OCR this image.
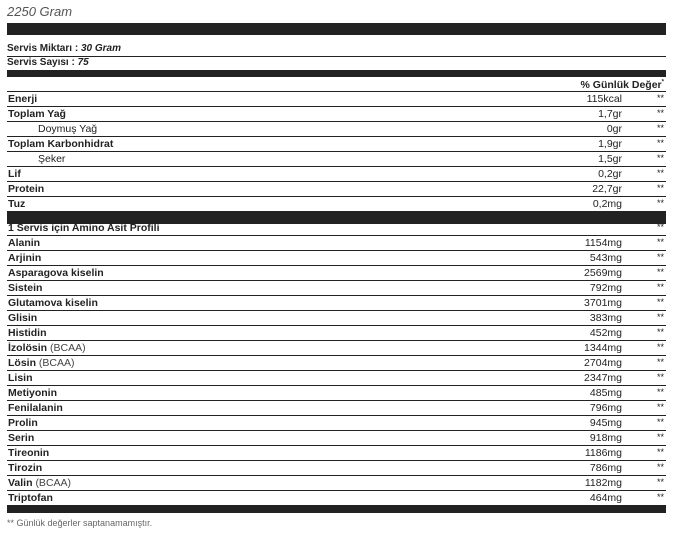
2250 Gram
Servis Miktarı : 30 Gram
Servis Sayısı : 75
% Günlük Değer*
Enerji	115kcal	**
Toplam Yağ	1,7gr	**
Doymuş Yağ	0gr	**
Toplam Karbonhidrat	1,9gr	**
Şeker	1,5gr	**
Lif	0,2gr	**
Protein	22,7gr	**
Tuz	0,2mg	**
1 Servis için Amino Asit Profili	**
Alanin	1154mg	**
Arjinin	543mg	**
Asparagova kiselin	2569mg	**
Sistein	792mg	**
Glutamova kiselin	3701mg	**
Glisin	383mg	**
Histidin	452mg	**
İzolösin (BCAA)	1344mg	**
Lösin (BCAA)	2704mg	**
Lisin	2347mg	**
Metiyonin	485mg	**
Fenilalanin	796mg	**
Prolin	945mg	**
Serin	918mg	**
Tireonin	1186mg	**
Tirozin	786mg	**
Valin (BCAA)	1182mg	**
Triptofan	464mg	**
** Günlük değerler saptanamamıştır.
